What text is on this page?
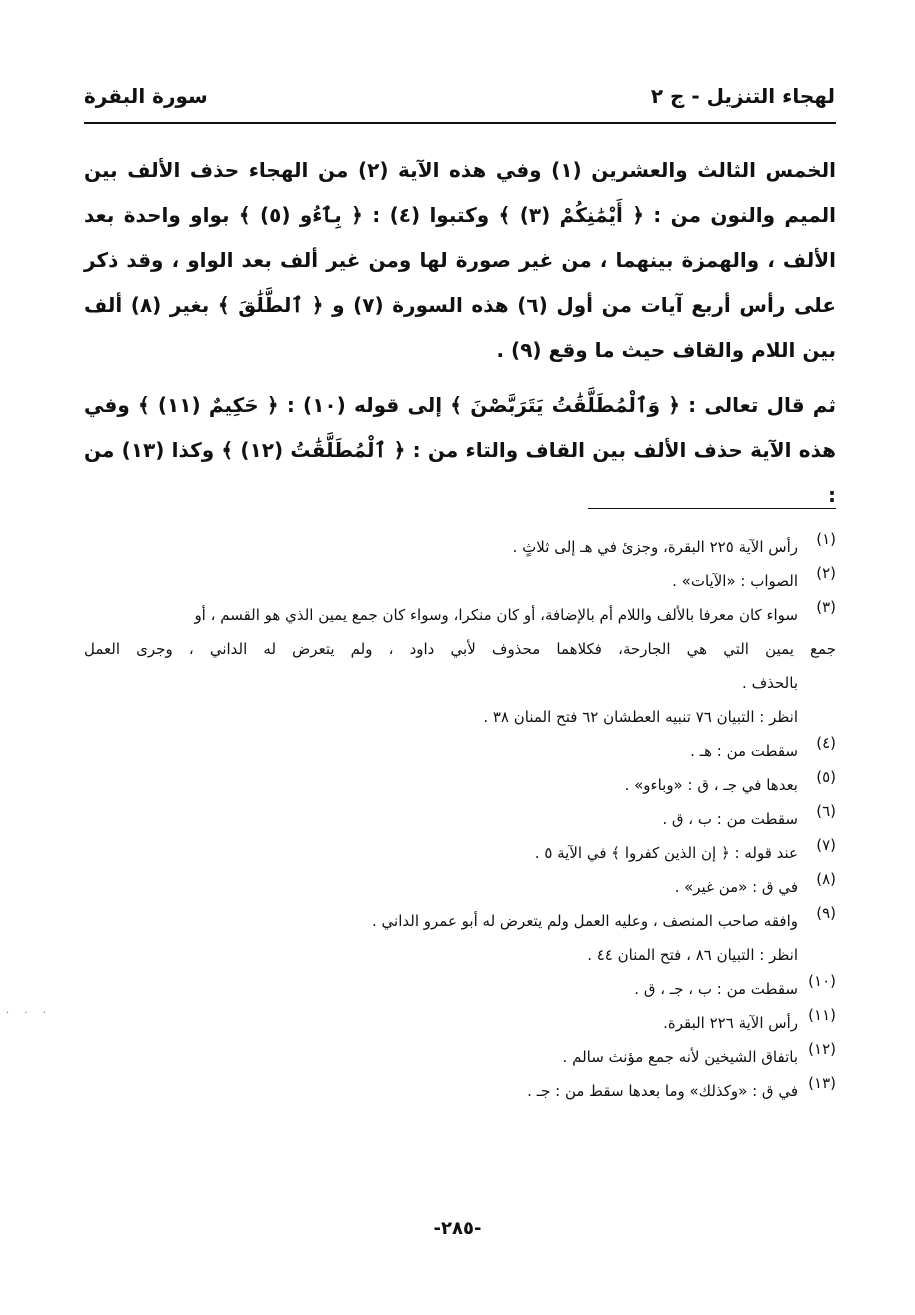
لهجاء التنزيل - ج ٢
سورة البقرة

الخمس الثالث والعشرين (١) وفي هذه الآية (٢) من الهجاء حذف الألف بين الميم والنون من : ﴿ أَيْمَٰنِكُمْ (٣) ﴾ وكتبوا (٤) : ﴿ بِٱءُو (٥) ﴾ بواو واحدة بعد الألف ، والهمزة بينهما ، من غير صورة لها ومن غير ألف بعد الواو ، وقد ذكر على رأس أربع آيات من أول (٦) هذه السورة (٧) و ﴿ ٱلطَّلَٰقَ ﴾ بغير (٨) ألف بين اللام والقاف حيث ما وقع (٩) .

ثم قال تعالى : ﴿ وَٱلْمُطَلَّقَٰتُ يَتَرَبَّصْنَ ﴾ إلى قوله (١٠) : ﴿ حَكِيمٌ (١١) ﴾ وفي هذه الآية حذف الألف بين القاف والتاء من : ﴿ ٱلْمُطَلَّقَٰتُ (١٢) ﴾ وكذا (١٣) من :

(١)
رأس الآية ٢٢٥ البقرة، وجزئ في هـ إلى ثلاثٍ .
(٢)
الصواب : «الآيات» .
(٣)
سواء كان معرفا بالألف واللام أم بالإضافة، أو كان منكرا، وسواء كان جمع يمين الذي هو القسم ، أو
جمع يمين التي هي الجارحة، فكلاهما محذوف لأبي داود ، ولم يتعرض له الداني ، وجرى العمل
بالحذف .
انظر : التبيان ٧٦ تنبيه العطشان ٦٢ فتح المنان ٣٨ .
(٤)
سقطت من : هـ .
(٥)
بعدها في جـ ، ق : «وباءو» .
(٦)
سقطت من : ب ، ق .
(٧)
عند قوله : ﴿ إن الذين كفروا ﴾ في الآية ٥ .
(٨)
في ق : «من غير» .
(٩)
وافقه صاحب المنصف ، وعليه العمل ولم يتعرض له أبو عمرو الداني .
انظر : التبيان ٨٦ ، فتح المنان ٤٤ .
(١٠)
سقطت من : ب ، جـ ، ق .
(١١)
رأس الآية ٢٢٦ البقرة.
(١٢)
باتفاق الشيخين لأنه جمع مؤنث سالم .
(١٣)
في ق : «وكذلك» وما بعدها سقط من : جـ .
-٢٨٥-
· · ·
